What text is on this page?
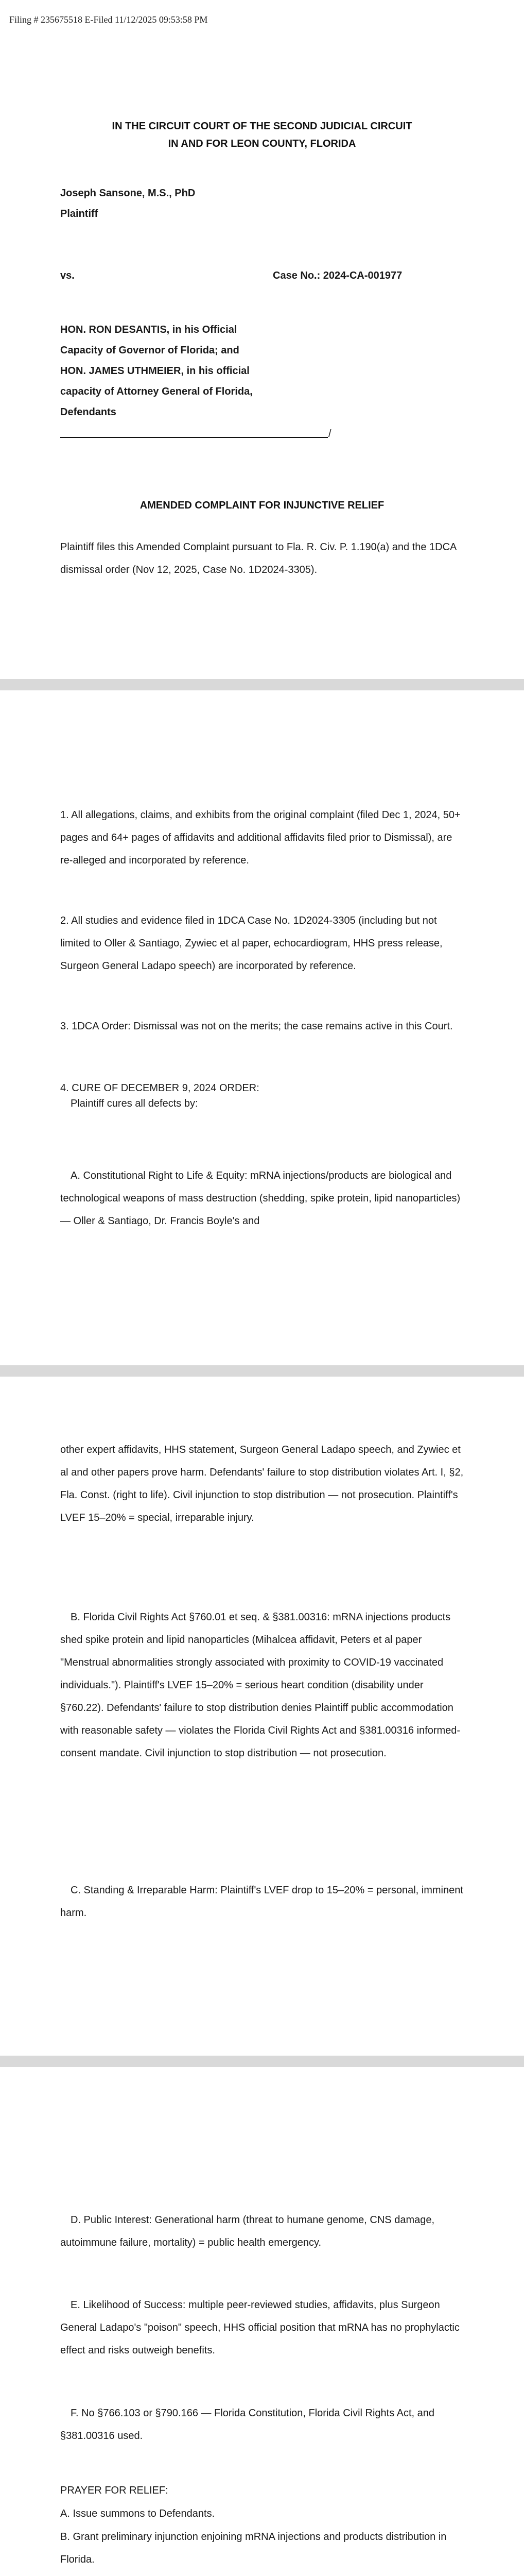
Filing # 235675518 E-Filed 11/12/2025 09:53:58 PM
IN THE CIRCUIT COURT OF THE SECOND JUDICIAL CIRCUIT
IN AND FOR LEON COUNTY, FLORIDA
Joseph Sansone, M.S., PhD
Plaintiff
vs.	Case No.: 2024-CA-001977
HON. RON DESANTIS, in his Official
Capacity of Governor of Florida; and
HON. JAMES UTHMEIER, in his official
capacity of Attorney General of Florida,
Defendants
/
AMENDED COMPLAINT FOR INJUNCTIVE RELIEF
Plaintiff files this Amended Complaint pursuant to Fla. R. Civ. P. 1.190(a) and the 1DCA dismissal order (Nov 12, 2025, Case No. 1D2024-3305).
1. All allegations, claims, and exhibits from the original complaint (filed Dec 1, 2024, 50+ pages and 64+ pages of affidavits and additional affidavits filed prior to Dismissal), are re-alleged and incorporated by reference.
2. All studies and evidence filed in 1DCA Case No. 1D2024-3305 (including but not limited to Oller & Santiago, Zywiec et al paper, echocardiogram, HHS press release, Surgeon General Ladapo speech) are incorporated by reference.
3. 1DCA Order: Dismissal was not on the merits; the case remains active in this Court.
4. CURE OF DECEMBER 9, 2024 ORDER:
Plaintiff cures all defects by:
A. Constitutional Right to Life & Equity: mRNA injections/products are biological and technological weapons of mass destruction (shedding, spike protein, lipid nanoparticles) — Oller & Santiago, Dr. Francis Boyle's and
other expert affidavits, HHS statement, Surgeon General Ladapo speech, and Zywiec et al and other papers prove harm. Defendants' failure to stop distribution violates Art. I, §2, Fla. Const. (right to life). Civil injunction to stop distribution — not prosecution. Plaintiff's LVEF 15–20% = special, irreparable injury.
B. Florida Civil Rights Act §760.01 et seq. & §381.00316: mRNA injections products shed spike protein and lipid nanoparticles (Mihalcea affidavit, Peters et al paper "Menstrual abnormalities strongly associated with proximity to COVID-19 vaccinated individuals."). Plaintiff's LVEF 15–20% = serious heart condition (disability under §760.22). Defendants' failure to stop distribution denies Plaintiff public accommodation with reasonable safety — violates the Florida Civil Rights Act and §381.00316 informed-consent mandate. Civil injunction to stop distribution — not prosecution.
C. Standing & Irreparable Harm: Plaintiff's LVEF drop to 15–20% = personal, imminent harm.
D. Public Interest: Generational harm (threat to humane genome, CNS damage, autoimmune failure, mortality) = public health emergency.
E. Likelihood of Success: multiple peer-reviewed studies, affidavits, plus Surgeon General Ladapo's "poison" speech, HHS official position that mRNA has no prophylactic effect and risks outweigh benefits.
F. No §766.103 or §790.166 — Florida Constitution, Florida Civil Rights Act, and §381.00316 used.
PRAYER FOR RELIEF:
A. Issue summons to Defendants.
B. Grant preliminary injunction enjoining mRNA injections and products distribution in Florida.
